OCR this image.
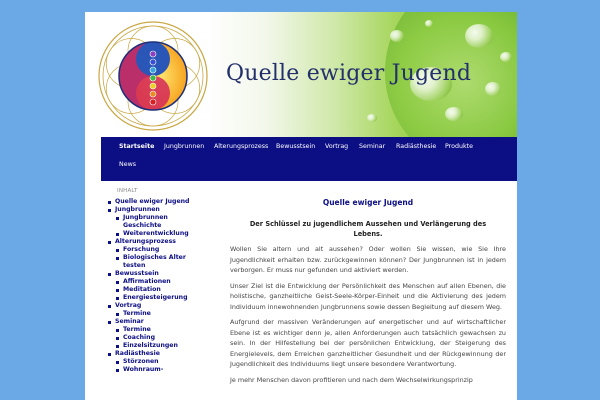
Quelle ewiger Jugend
Startseite Jungbrunnen Alterungsprozess Bewusstsein Vortrag Seminar Radiästhesie Produkte
News
INHALT
Quelle ewiger Jugend
Jungbrunnen
Jungbrunnen Geschichte
Weiterentwicklung
Alterungsprozess
Forschung
Biologisches Alter testen
Bewusstsein
Affirmationen
Meditation
Energiesteigerung
Vortrag
Termine
Seminar
Termine
Coaching
Einzelsitzungen
Radiästhesie
Störzonen
Wohnraum-
Quelle ewiger Jugend

Der Schlüssel zu jugendlichem Aussehen und Verlängerung des Lebens.

Wollen Sie altern und alt aussehen? Oder wollen Sie wissen, wie Sie Ihre Jugendlichkeit erhalten bzw. zurückgewinnen können? Der Jungbrunnen ist in jedem verborgen. Er muss nur gefunden und aktiviert werden.

Unser Ziel ist die Entwicklung der Persönlichkeit des Menschen auf allen Ebenen, die holistische, ganzheitliche Geist-Seele-Körper-Einheit und die Aktivierung des jedem Individuum innewohnenden Jungbrunnens sowie dessen Begleitung auf diesem Weg.

Aufgrund der massiven Veränderungen auf energetischer und auf wirtschaftlicher Ebene ist es wichtiger denn je, allen Anforderungen auch tatsächlich gewachsen zu sein. In der Hilfestellung bei der persönlichen Entwicklung, der Steigerung des Energielevels, dem Erreichen ganzheitlicher Gesundheit und der Rückgewinnung der Jugendlichkeit des Individuums liegt unsere besondere Verantwortung.

Je mehr Menschen davon profitieren und nach dem Wechselwirkungsprinzip
